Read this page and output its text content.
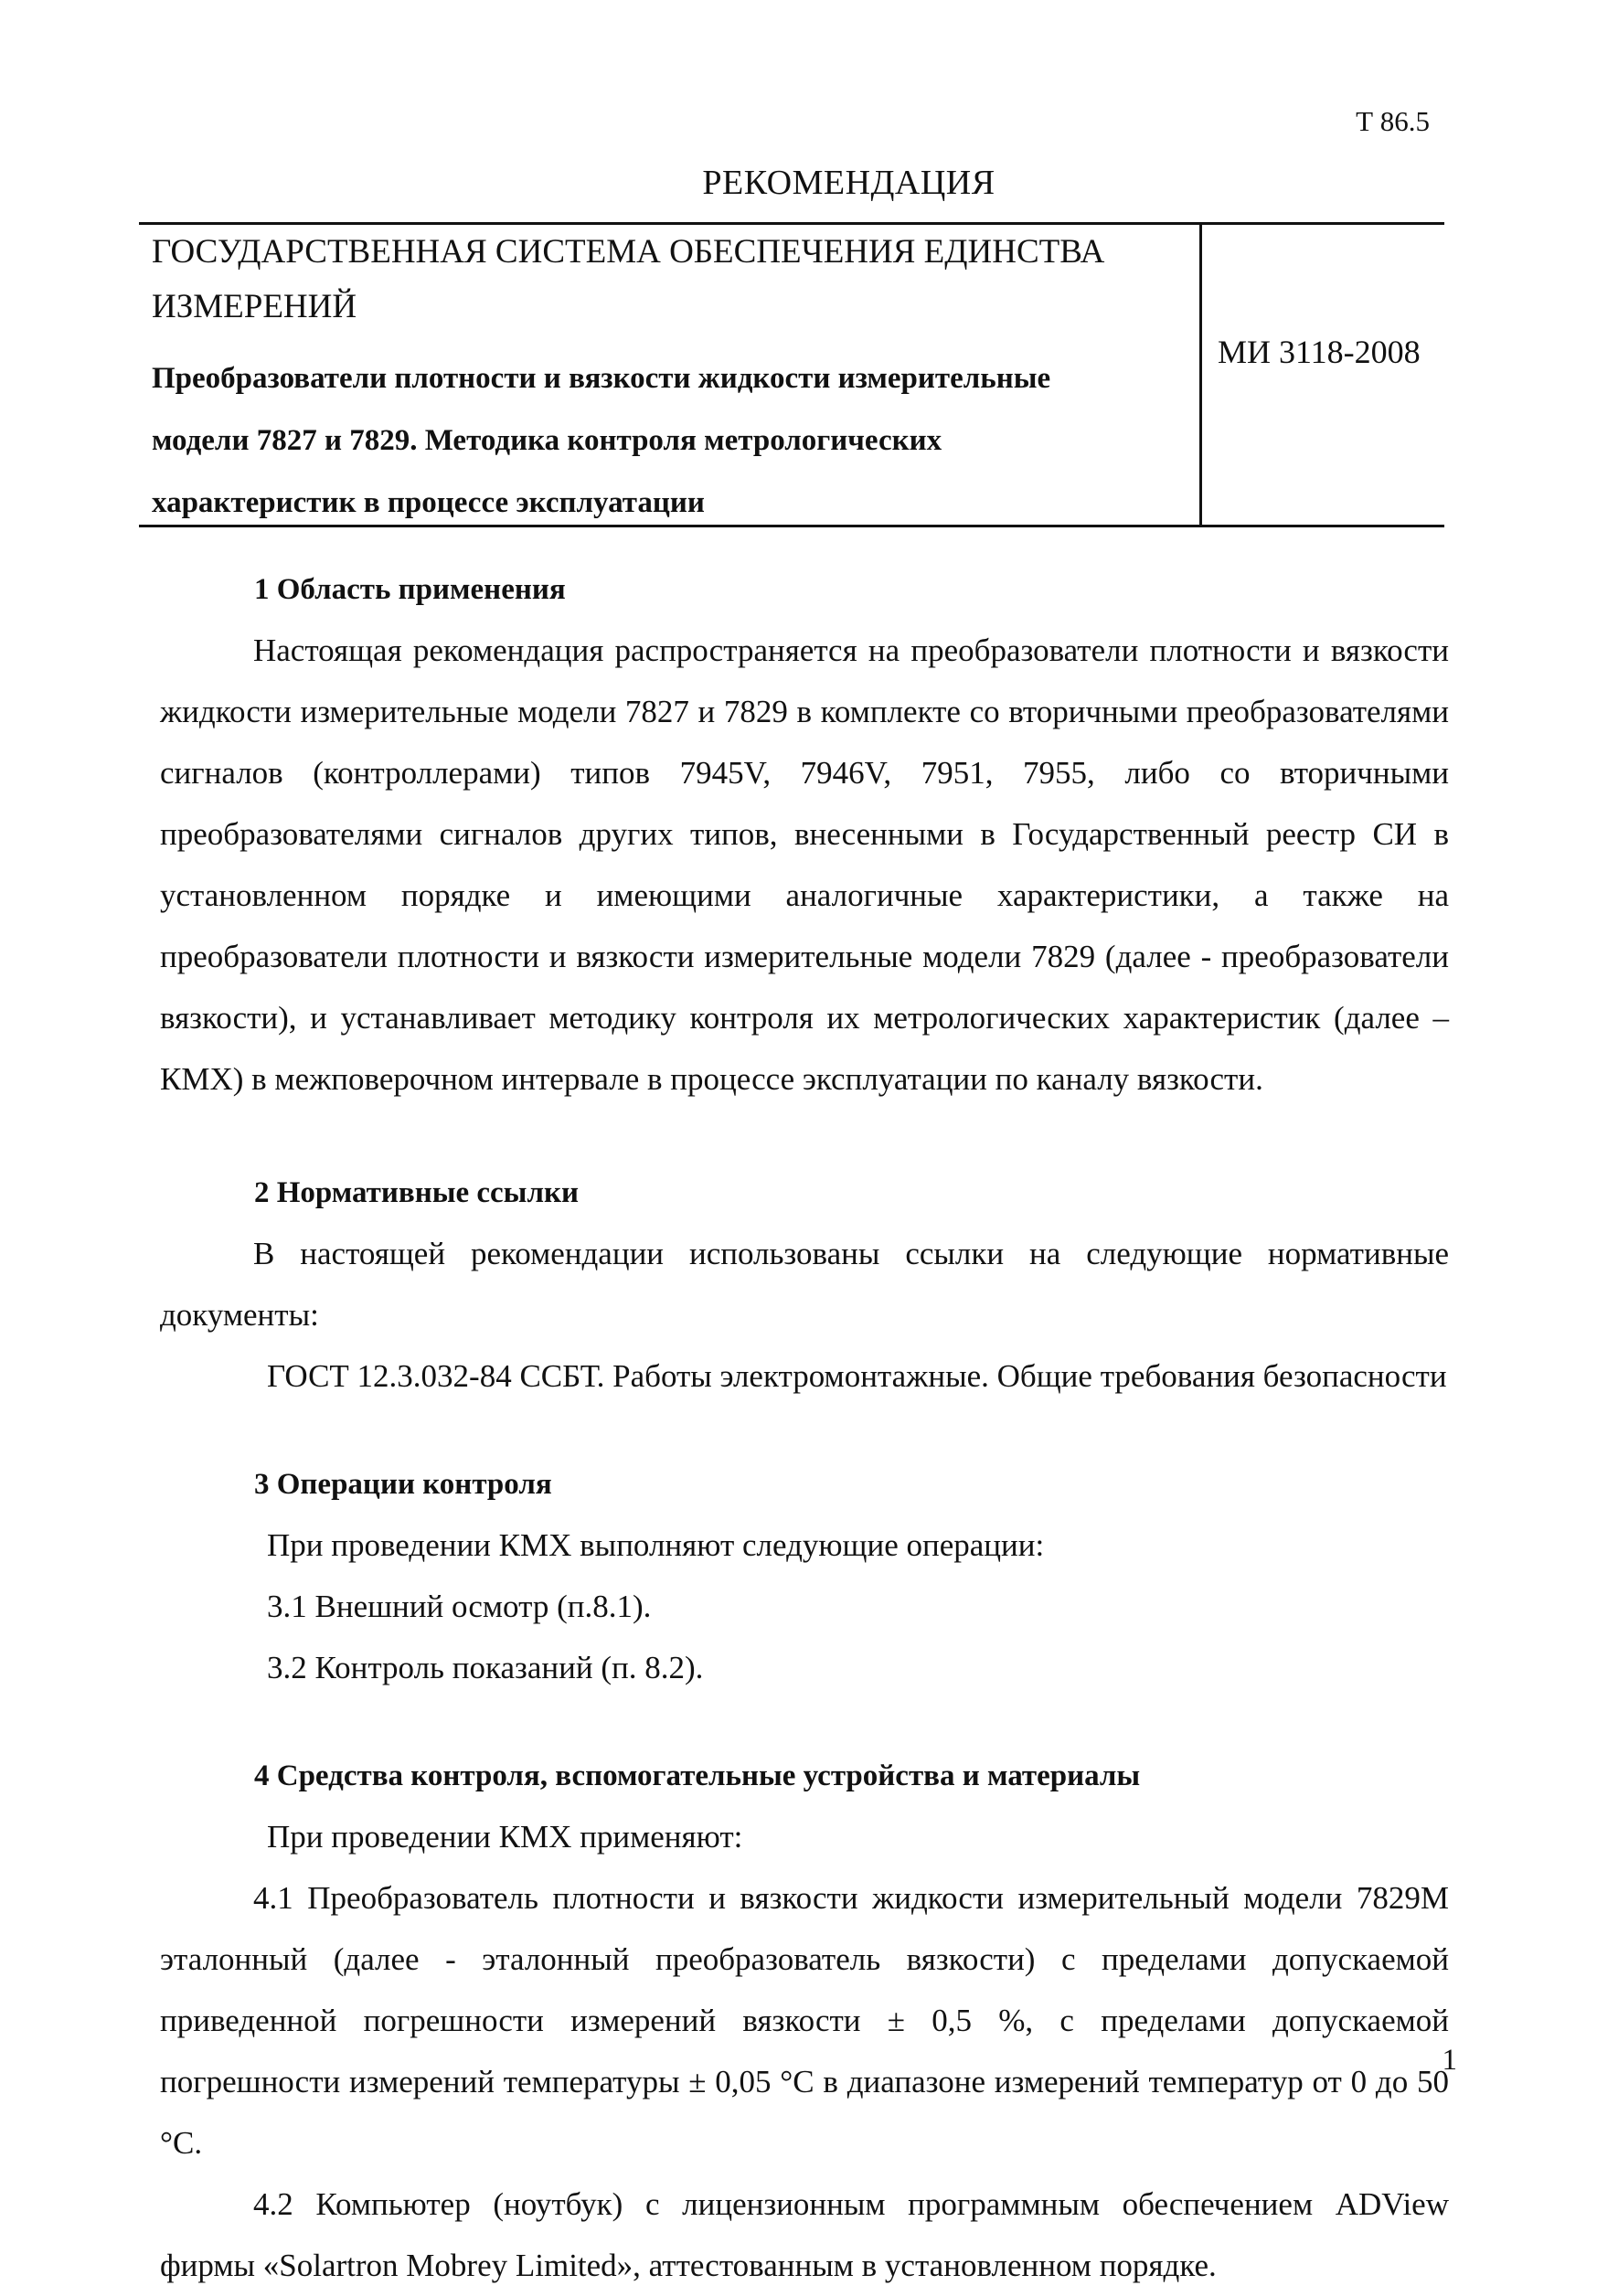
Т 86.5
РЕКОМЕНДАЦИЯ
ГОСУДАРСТВЕННАЯ СИСТЕМА ОБЕСПЕЧЕНИЯ ЕДИНСТВА
ИЗМЕРЕНИЙ
Преобразователи плотности и вязкости жидкости измерительные
модели 7827 и 7829. Методика контроля метрологических
характеристик в процессе эксплуатации
МИ 3118-2008
1 Область применения

Настоящая рекомендация распространяется на преобразователи плотности и вязкости жидкости измерительные модели 7827 и 7829 в комплекте со вторичными преобразователями сигналов (контроллерами) типов 7945V, 7946V, 7951, 7955, либо со вторичными преобразователями сигналов других типов, внесенными в Государственный реестр СИ в установленном порядке и имеющими аналогичные характеристики, а также на преобразователи плотности и вязкости измерительные модели 7829 (далее - преобразователи вязкости), и устанавливает методику контроля их метрологических характеристик (далее – КМХ) в межповерочном интервале в процессе эксплуатации по каналу вязкости.

2 Нормативные ссылки

В настоящей рекомендации использованы ссылки на следующие нормативные документы:

ГОСТ 12.3.032-84 ССБТ. Работы электромонтажные. Общие требования безопасности
3 Операции контроля
При проведении КМХ выполняют следующие операции:
3.1 Внешний осмотр (п.8.1).
3.2 Контроль показаний (п. 8.2).
4 Средства контроля, вспомогательные устройства и материалы
При проведении КМХ применяют:

4.1 Преобразователь плотности и вязкости жидкости измерительный модели 7829М эталонный (далее - эталонный преобразователь вязкости) с пределами допускаемой приведенной погрешности измерений вязкости ± 0,5 %, с пределами допускаемой погрешности измерений температуры ± 0,05 °С в диапазоне измерений температур от 0 до 50 °С.

4.2 Компьютер (ноутбук) с лицензионным программным обеспечением ADView фирмы «Solartron Mobrey Limited», аттестованным в установленном порядке.

1
